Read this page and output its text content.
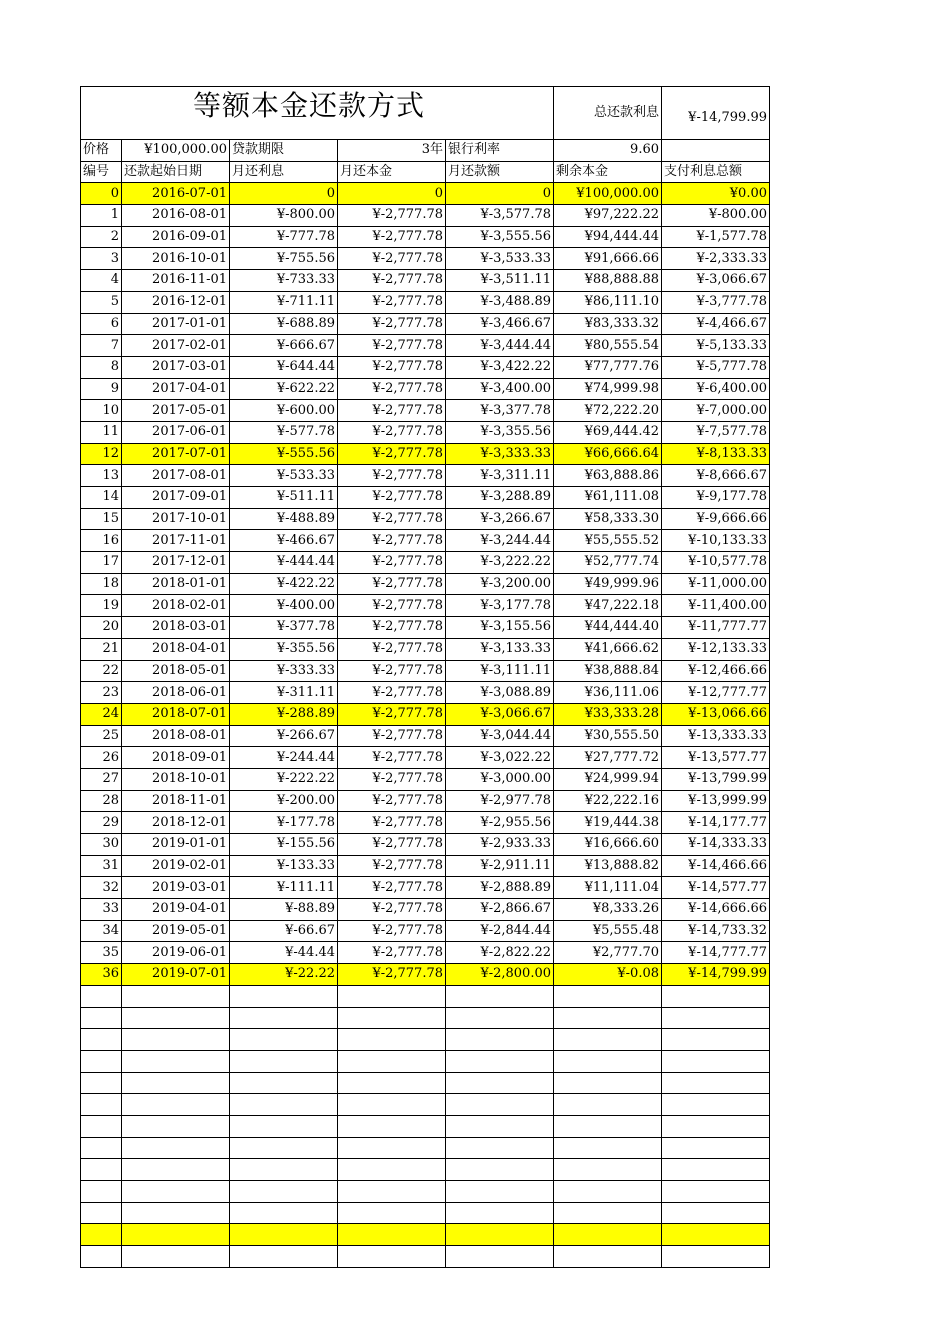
等额本金还款方式					总还款利息	¥-14,799.99
价格	¥100,000.00	贷款期限	3年	银行利率	9.60	
编号	还款起始日期	月还利息	月还本金	月还款额	剩余本金	支付利息总额
0	2016-07-01	0	0	0	¥100,000.00	¥0.00
1	2016-08-01	¥-800.00	¥-2,777.78	¥-3,577.78	¥97,222.22	¥-800.00
2	2016-09-01	¥-777.78	¥-2,777.78	¥-3,555.56	¥94,444.44	¥-1,577.78
3	2016-10-01	¥-755.56	¥-2,777.78	¥-3,533.33	¥91,666.66	¥-2,333.33
4	2016-11-01	¥-733.33	¥-2,777.78	¥-3,511.11	¥88,888.88	¥-3,066.67
5	2016-12-01	¥-711.11	¥-2,777.78	¥-3,488.89	¥86,111.10	¥-3,777.78
6	2017-01-01	¥-688.89	¥-2,777.78	¥-3,466.67	¥83,333.32	¥-4,466.67
7	2017-02-01	¥-666.67	¥-2,777.78	¥-3,444.44	¥80,555.54	¥-5,133.33
8	2017-03-01	¥-644.44	¥-2,777.78	¥-3,422.22	¥77,777.76	¥-5,777.78
9	2017-04-01	¥-622.22	¥-2,777.78	¥-3,400.00	¥74,999.98	¥-6,400.00
10	2017-05-01	¥-600.00	¥-2,777.78	¥-3,377.78	¥72,222.20	¥-7,000.00
11	2017-06-01	¥-577.78	¥-2,777.78	¥-3,355.56	¥69,444.42	¥-7,577.78
12	2017-07-01	¥-555.56	¥-2,777.78	¥-3,333.33	¥66,666.64	¥-8,133.33
13	2017-08-01	¥-533.33	¥-2,777.78	¥-3,311.11	¥63,888.86	¥-8,666.67
14	2017-09-01	¥-511.11	¥-2,777.78	¥-3,288.89	¥61,111.08	¥-9,177.78
15	2017-10-01	¥-488.89	¥-2,777.78	¥-3,266.67	¥58,333.30	¥-9,666.66
16	2017-11-01	¥-466.67	¥-2,777.78	¥-3,244.44	¥55,555.52	¥-10,133.33
17	2017-12-01	¥-444.44	¥-2,777.78	¥-3,222.22	¥52,777.74	¥-10,577.78
18	2018-01-01	¥-422.22	¥-2,777.78	¥-3,200.00	¥49,999.96	¥-11,000.00
19	2018-02-01	¥-400.00	¥-2,777.78	¥-3,177.78	¥47,222.18	¥-11,400.00
20	2018-03-01	¥-377.78	¥-2,777.78	¥-3,155.56	¥44,444.40	¥-11,777.77
21	2018-04-01	¥-355.56	¥-2,777.78	¥-3,133.33	¥41,666.62	¥-12,133.33
22	2018-05-01	¥-333.33	¥-2,777.78	¥-3,111.11	¥38,888.84	¥-12,466.66
23	2018-06-01	¥-311.11	¥-2,777.78	¥-3,088.89	¥36,111.06	¥-12,777.77
24	2018-07-01	¥-288.89	¥-2,777.78	¥-3,066.67	¥33,333.28	¥-13,066.66
25	2018-08-01	¥-266.67	¥-2,777.78	¥-3,044.44	¥30,555.50	¥-13,333.33
26	2018-09-01	¥-244.44	¥-2,777.78	¥-3,022.22	¥27,777.72	¥-13,577.77
27	2018-10-01	¥-222.22	¥-2,777.78	¥-3,000.00	¥24,999.94	¥-13,799.99
28	2018-11-01	¥-200.00	¥-2,777.78	¥-2,977.78	¥22,222.16	¥-13,999.99
29	2018-12-01	¥-177.78	¥-2,777.78	¥-2,955.56	¥19,444.38	¥-14,177.77
30	2019-01-01	¥-155.56	¥-2,777.78	¥-2,933.33	¥16,666.60	¥-14,333.33
31	2019-02-01	¥-133.33	¥-2,777.78	¥-2,911.11	¥13,888.82	¥-14,466.66
32	2019-03-01	¥-111.11	¥-2,777.78	¥-2,888.89	¥11,111.04	¥-14,577.77
33	2019-04-01	¥-88.89	¥-2,777.78	¥-2,866.67	¥8,333.26	¥-14,666.66
34	2019-05-01	¥-66.67	¥-2,777.78	¥-2,844.44	¥5,555.48	¥-14,733.32
35	2019-06-01	¥-44.44	¥-2,777.78	¥-2,822.22	¥2,777.70	¥-14,777.77
36	2019-07-01	¥-22.22	¥-2,777.78	¥-2,800.00	¥-0.08	¥-14,799.99
